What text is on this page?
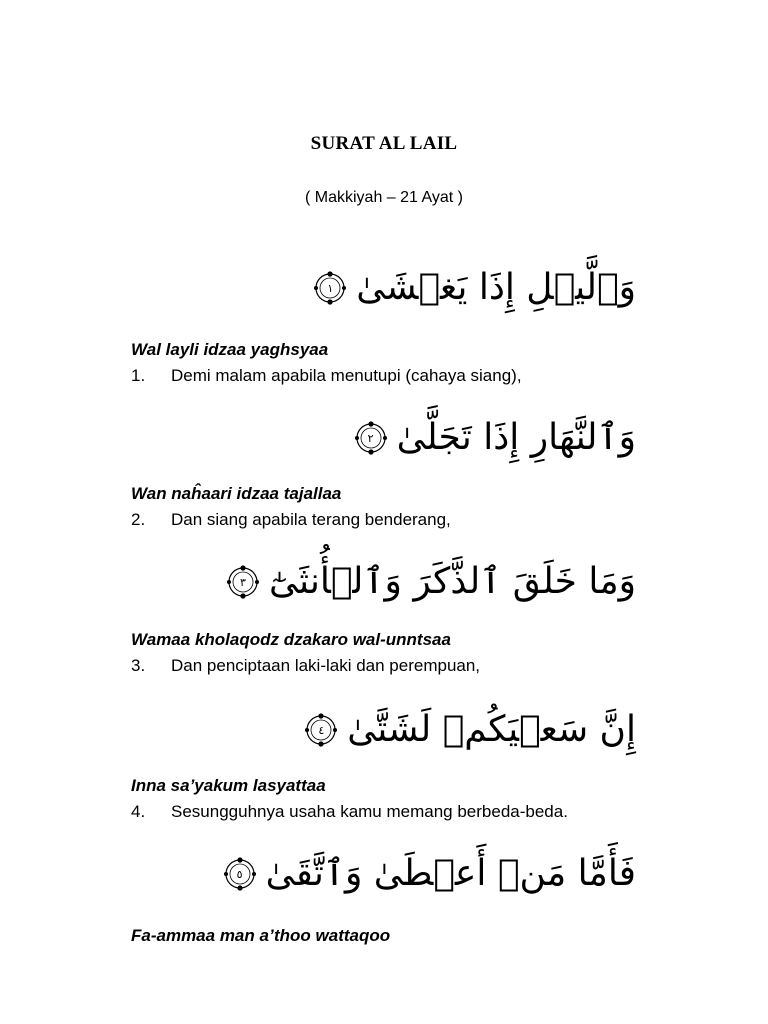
SURAT AL LAIL
( Makkiyah – 21 Ayat )
وَٱلَّيۡلِ إِذَا يَغۡشَىٰ
١
Wal layli idzaa yaghsyaa
1. Demi malam apabila menutupi (cahaya siang),
وَٱلنَّهَارِ إِذَا تَجَلَّىٰ
٢
Wan naĥaari idzaa tajallaa
2. Dan siang apabila terang benderang,
وَمَا خَلَقَ ٱلذَّكَرَ وَٱلۡأُنثَىٰٓ
٣
Wamaa kholaqodz dzakaro wal-unntsaa
3. Dan penciptaan laki-laki dan perempuan,
إِنَّ سَعۡيَكُمۡ لَشَتَّىٰ
٤
Inna sa’yakum lasyattaa
4. Sesungguhnya usaha kamu memang berbeda-beda.
فَأَمَّا مَنۡ أَعۡطَىٰ وَٱتَّقَىٰ
٥
Fa-ammaa man a’thoo wattaqoo
